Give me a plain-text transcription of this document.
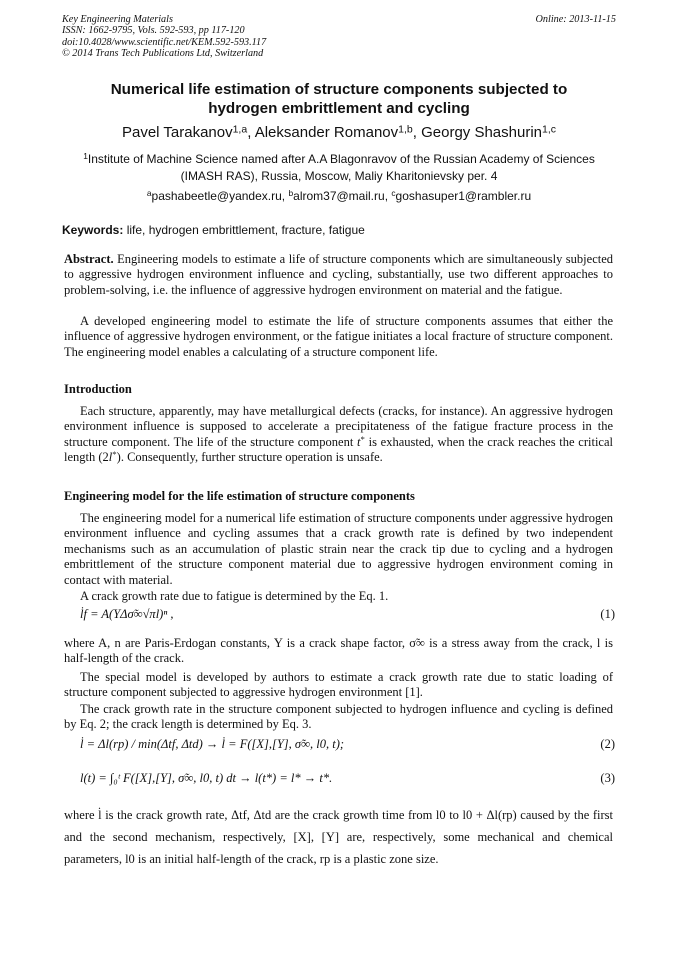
Key Engineering Materials
ISSN: 1662-9795, Vols. 592-593, pp 117-120
doi:10.4028/www.scientific.net/KEM.592-593.117
© 2014 Trans Tech Publications Ltd, Switzerland
Online: 2013-11-15
Numerical life estimation of structure components subjected to
hydrogen embrittlement and cycling
Pavel Tarakanov$^{1,a}$, Aleksander Romanov$^{1,b}$, Georgy Shashurin$^{1,c}$
$^1$Institute of Machine Science named after A.A Blagonravov of the Russian Academy of Sciences
(IMASH RAS), Russia, Moscow, Maliy Kharitonievsky per. 4
$^a$pashabeetle@yandex.ru, $^b$alrom37@mail.ru, $^c$goshasuper1@rambler.ru
Keywords: life, hydrogen embrittlement, fracture, fatigue
Abstract. Engineering models to estimate a life of structure components which are simultaneously subjected to aggressive hydrogen environment influence and cycling, substantially, use two different approaches to problem-solving, i.e. the influence of aggressive hydrogen environment on material and the fatigue.
A developed engineering model to estimate the life of structure components assumes that either the influence of aggressive hydrogen environment, or the fatigue initiates a local fracture of structure component. The engineering model enables a calculating of a structure component life.
Introduction
Each structure, apparently, may have metallurgical defects (cracks, for instance). An aggressive hydrogen environment influence is supposed to accelerate a precipitateness of the fatigue fracture process in the structure component. The life of the structure component t* is exhausted, when the crack reaches the critical length (2l*). Consequently, further structure operation is unsafe.
Engineering model for the life estimation of structure components
The engineering model for a numerical life estimation of structure components under aggressive hydrogen environment influence and cycling assumes that a crack growth rate is defined by two independent mechanisms such as an accumulation of plastic strain near the crack tip due to cycling and a hydrogen embrittlement of the structure component material due to aggressive hydrogen environment coming in contact with material.
A crack growth rate due to fatigue is determined by the Eq. 1.
l̇f = A(YΔσ̃∞√πl)ⁿ ,	(1)
where A, n are Paris-Erdogan constants, Y is a crack shape factor, σ̃∞ is a stress away from the crack, l is half-length of the crack.
The special model is developed by authors to estimate a crack growth rate due to static loading of structure component subjected to aggressive hydrogen environment [1].
The crack growth rate in the structure component subjected to hydrogen influence and cycling is defined by Eq. 2; the crack length is determined by Eq. 3.
l̇ = Δl(rp) / min(Δtf, Δtd) → l̇ = F([X],[Y], σ̃∞, l0, t);	(2)
l(t) = ∫₀ᵗ F([X],[Y], σ̃∞, l0, t) dt → l(t*) = l* → t*.	(3)
where l̇ is the crack growth rate, Δtf, Δtd are the crack growth time from l0 to l0 + Δl(rp) caused by the first and the second mechanism, respectively, [X], [Y] are, respectively, some mechanical and chemical parameters, l0 is an initial half-length of the crack, rp is a plastic zone size.
